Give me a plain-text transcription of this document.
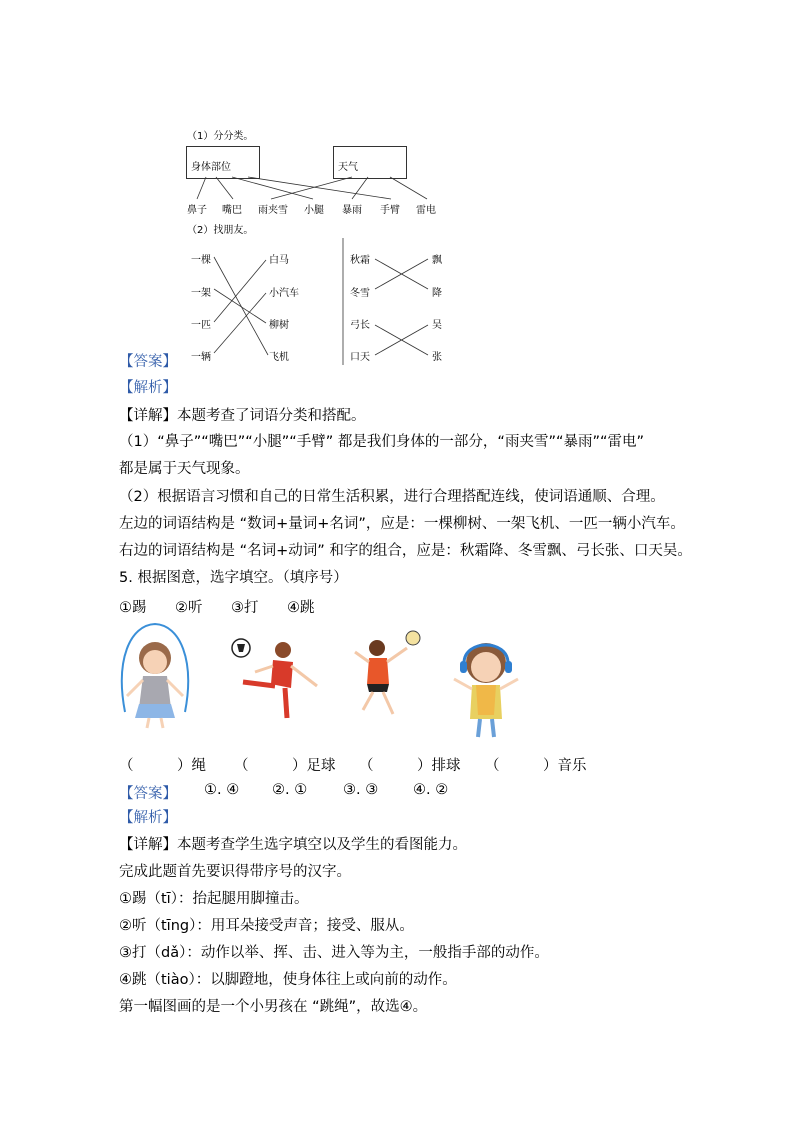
（1）分分类。
身体部位	天气
鼻子 嘴巴 雨夹雪 小腿 暴雨 手臂 雷电
（2）找朋友。
一棵
一架
一匹
一辆
白马
小汽车
柳树
飞机
秋霜
冬雪
弓长
口天
飘
降
吴
张
【答案】
【解析】
【详解】本题考查了词语分类和搭配。
（1）“鼻子”“嘴巴”“小腿”“手臂” 都是我们身体的一部分，“雨夹雪”“暴雨”“雷电”
都是属于天气现象。
（2）根据语言习惯和自己的日常生活积累，进行合理搭配连线，使词语通顺、合理。
左边的词语结构是 “数词+量词+名词”，应是：一棵柳树、一架飞机、一匹一辆小汽车。
右边的词语结构是 “名词+动词” 和字的组合，应是：秋霜降、冬雪飘、弓长张、口天吴。
5. 根据图意，选字填空。（填序号）
①踢 ②听 ③打 ④跳
（　　　）绳 （　　　）足球 （　　　）排球 （　　　）音乐
【答案】 ①. ④ ②. ① ③. ③ ④. ②
【解析】
【详解】本题考查学生选字填空以及学生的看图能力。
完成此题首先要识得带序号的汉字。
①踢（tī）：抬起腿用脚撞击。
②听（tīng）：用耳朵接受声音；接受、服从。
③打（dǎ）：动作以举、挥、击、进入等为主，一般指手部的动作。
④跳（tiào）：以脚蹬地，使身体往上或向前的动作。
第一幅图画的是一个小男孩在 “跳绳”，故选④。
